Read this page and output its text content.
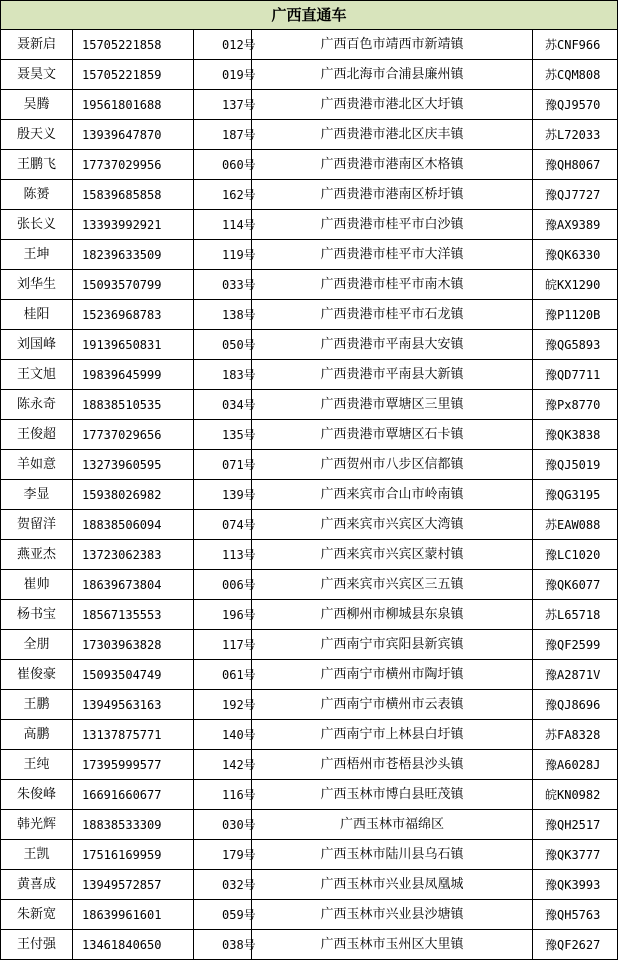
广西直通车				
聂新启	15705221858	012号	广西百色市靖西市新靖镇	苏CNF966
聂昊文	15705221859	019号	广西北海市合浦县廉州镇	苏CQM808
吴腾	19561801688	137号	广西贵港市港北区大圩镇	豫QJ9570
殷天义	13939647870	187号	广西贵港市港北区庆丰镇	苏L72033
王鹏飞	17737029956	060号	广西贵港市港南区木格镇	豫QH8067
陈赟	15839685858	162号	广西贵港市港南区桥圩镇	豫QJ7727
张长义	13393992921	114号	广西贵港市桂平市白沙镇	豫AX9389
王坤	18239633509	119号	广西贵港市桂平市大洋镇	豫QK6330
刘华生	15093570799	033号	广西贵港市桂平市南木镇	皖KX1290
桂阳	15236968783	138号	广西贵港市桂平市石龙镇	豫P1120B
刘国峰	19139650831	050号	广西贵港市平南县大安镇	豫QG5893
王文旭	19839645999	183号	广西贵港市平南县大新镇	豫QD7711
陈永奇	18838510535	034号	广西贵港市覃塘区三里镇	豫Px8770
王俊超	17737029656	135号	广西贵港市覃塘区石卡镇	豫QK3838
羊如意	13273960595	071号	广西贺州市八步区信都镇	豫QJ5019
李显	15938026982	139号	广西来宾市合山市岭南镇	豫QG3195
贺留洋	18838506094	074号	广西来宾市兴宾区大湾镇	苏EAW088
燕亚杰	13723062383	113号	广西来宾市兴宾区蒙村镇	豫LC1020
崔帅	18639673804	006号	广西来宾市兴宾区三五镇	豫QK6077
杨书宝	18567135553	196号	广西柳州市柳城县东泉镇	苏L65718
全朋	17303963828	117号	广西南宁市宾阳县新宾镇	豫QF2599
崔俊豪	15093504749	061号	广西南宁市横州市陶圩镇	豫A2871V
王鹏	13949563163	192号	广西南宁市横州市云表镇	豫QJ8696
高鹏	13137875771	140号	广西南宁市上林县白圩镇	苏FA8328
王纯	17395999577	142号	广西梧州市苍梧县沙头镇	豫A6028J
朱俊峰	16691660677	116号	广西玉林市博白县旺茂镇	皖KN0982
韩光辉	18838533309	030号	广西玉林市福绵区	豫QH2517
王凯	17516169959	179号	广西玉林市陆川县乌石镇	豫QK3777
黄喜成	13949572857	032号	广西玉林市兴业县凤凰城	豫QK3993
朱新宽	18639961601	059号	广西玉林市兴业县沙塘镇	豫QH5763
王付强	13461840650	038号	广西玉林市玉州区大里镇	豫QF2627
